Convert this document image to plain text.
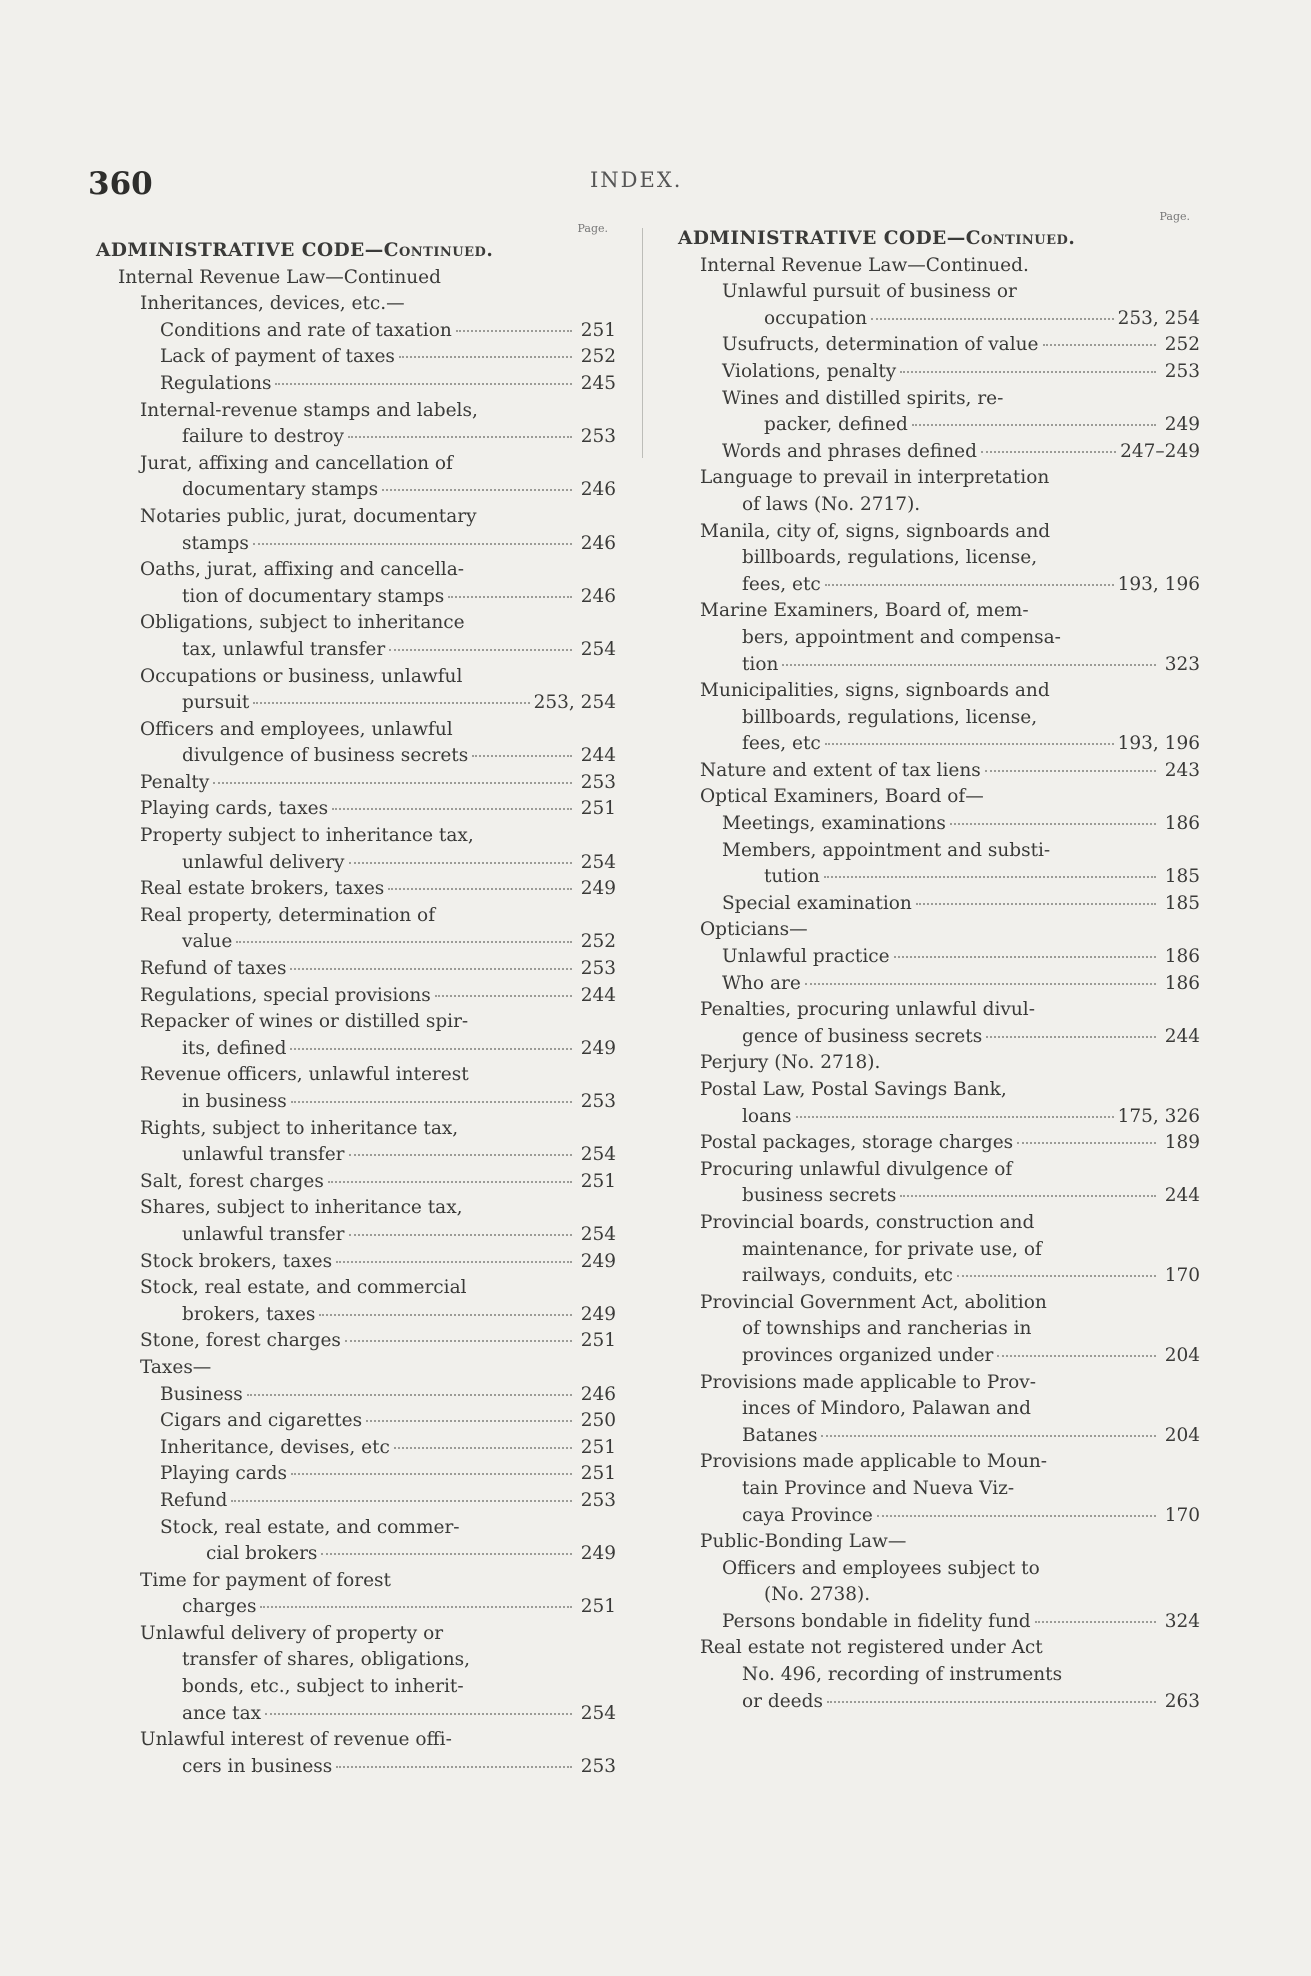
360	INDEX.
Page.
ADMINISTRATIVE CODE—Continued.
Internal Revenue Law—Continued
Inheritances, devices, etc.—
Conditions and rate of taxation	251
Lack of payment of taxes	252
Regulations	245
Internal-revenue stamps and labels,
failure to destroy	253
Jurat, affixing and cancellation of
documentary stamps	246
Notaries public, jurat, documentary
stamps	246
Oaths, jurat, affixing and cancella-
tion of documentary stamps	246
Obligations, subject to inheritance
tax, unlawful transfer	254
Occupations or business, unlawful
pursuit	253, 254
Officers and employees, unlawful
divulgence of business secrets	244
Penalty	253
Playing cards, taxes	251
Property subject to inheritance tax,
unlawful delivery	254
Real estate brokers, taxes	249
Real property, determination of
value	252
Refund of taxes	253
Regulations, special provisions	244
Repacker of wines or distilled spir-
its, defined	249
Revenue officers, unlawful interest
in business	253
Rights, subject to inheritance tax,
unlawful transfer	254
Salt, forest charges	251
Shares, subject to inheritance tax,
unlawful transfer	254
Stock brokers, taxes	249
Stock, real estate, and commercial
brokers, taxes	249
Stone, forest charges	251
Taxes—
Business	246
Cigars and cigarettes	250
Inheritance, devises, etc	251
Playing cards	251
Refund	253
Stock, real estate, and commer-
cial brokers	249
Time for payment of forest
charges	251
Unlawful delivery of property or
transfer of shares, obligations,
bonds, etc., subject to inherit-
ance tax	254
Unlawful interest of revenue offi-
cers in business	253
Page.
ADMINISTRATIVE CODE—Continued.
Internal Revenue Law—Continued.
Unlawful pursuit of business or
occupation	253, 254
Usufructs, determination of value	252
Violations, penalty	253
Wines and distilled spirits, re-
packer, defined	249
Words and phrases defined	247–249
Language to prevail in interpretation
of laws (No. 2717).
Manila, city of, signs, signboards and
billboards, regulations, license,
fees, etc	193, 196
Marine Examiners, Board of, mem-
bers, appointment and compensa-
tion	323
Municipalities, signs, signboards and
billboards, regulations, license,
fees, etc	193, 196
Nature and extent of tax liens	243
Optical Examiners, Board of—
Meetings, examinations	186
Members, appointment and substi-
tution	185
Special examination	185
Opticians—
Unlawful practice	186
Who are	186
Penalties, procuring unlawful divul-
gence of business secrets	244
Perjury (No. 2718).
Postal Law, Postal Savings Bank,
loans	175, 326
Postal packages, storage charges	189
Procuring unlawful divulgence of
business secrets	244
Provincial boards, construction and
maintenance, for private use, of
railways, conduits, etc	170
Provincial Government Act, abolition
of townships and rancherias in
provinces organized under	204
Provisions made applicable to Prov-
inces of Mindoro, Palawan and
Batanes	204
Provisions made applicable to Moun-
tain Province and Nueva Viz-
caya Province	170
Public-Bonding Law—
Officers and employees subject to
(No. 2738).
Persons bondable in fidelity fund	324
Real estate not registered under Act
No. 496, recording of instruments
or deeds	263
